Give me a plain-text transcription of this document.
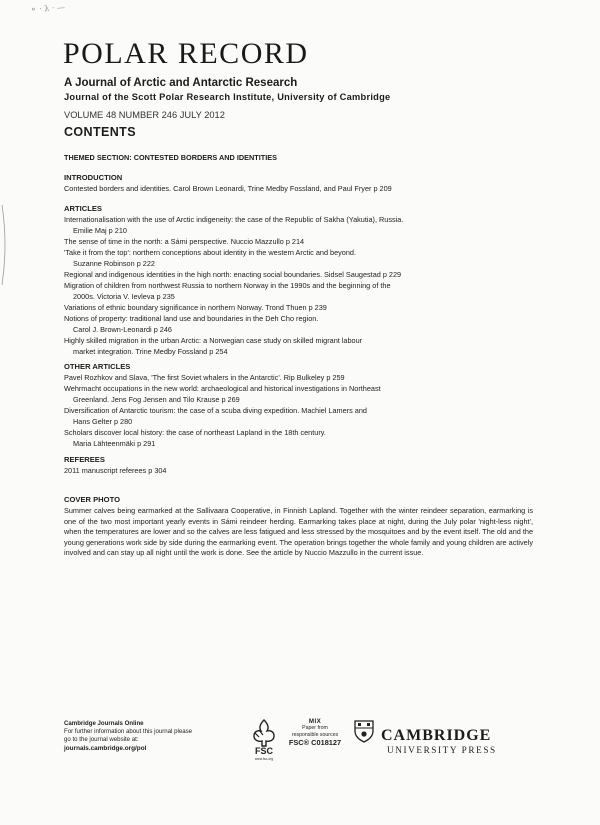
⚬ · λ · —
POLAR RECORD
A Journal of Arctic and Antarctic Research
Journal of the Scott Polar Research Institute, University of Cambridge
VOLUME 48 NUMBER 246 JULY 2012
CONTENTS
THEMED SECTION: CONTESTED BORDERS AND IDENTITIES
INTRODUCTION
Contested borders and identities. Carol Brown Leonardi, Trine Medby Fossland, and Paul Fryer p 209
ARTICLES
Internationalisation with the use of Arctic indigeneity: the case of the Republic of Sakha (Yakutia), Russia.
Emilie Maj p 210
The sense of time in the north: a Sámi perspective. Nuccio Mazzullo p 214
'Take it from the top': northern conceptions about identity in the western Arctic and beyond.
Suzanne Robinson p 222
Regional and indigenous identities in the high north: enacting social boundaries. Sidsel Saugestad p 229
Migration of children from northwest Russia to northern Norway in the 1990s and the beginning of the
2000s. Victoria V. Ievleva p 235
Variations of ethnic boundary significance in northern Norway. Trond Thuen p 239
Notions of property: traditional land use and boundaries in the Deh Cho region.
Carol J. Brown-Leonardi p 246
Highly skilled migration in the urban Arctic: a Norwegian case study on skilled migrant labour
market integration. Trine Medby Fossland p 254
OTHER ARTICLES
Pavel Rozhkov and Slava, 'The first Soviet whalers in the Antarctic'. Rip Bulkeley p 259
Wehrmacht occupations in the new world: archaeological and historical investigations in Northeast
Greenland. Jens Fog Jensen and Tilo Krause p 269
Diversification of Antarctic tourism: the case of a scuba diving expedition. Machiel Lamers and
Hans Gelter p 280
Scholars discover local history: the case of northeast Lapland in the 18th century.
Maria Lähteenmäki p 291
REFEREES
2011 manuscript referees p 304
COVER PHOTO
Summer calves being earmarked at the Sallivaara Cooperative, in Finnish Lapland. Together with the winter reindeer separation, earmarking is one of the two most important yearly events in Sámi reindeer herding. Earmarking takes place at night, during the July polar 'night-less night', when the temperatures are lower and so the calves are less fatigued and less stressed by the mosquitoes and by the event itself. The old and the young generations work side by side during the earmarking event. The operation brings together the whole family and young children are actively involved and can stay up all night until the work is done. See the article by Nuccio Mazzullo in the current issue.
Cambridge Journals Online
For further information about this journal please
go to the journal website at:
journals.cambridge.org/pol	FSC
www.fsc.org
MIX
Paper from
responsible sources
FSC® C018127	CAMBRIDGE
UNIVERSITY PRESS
